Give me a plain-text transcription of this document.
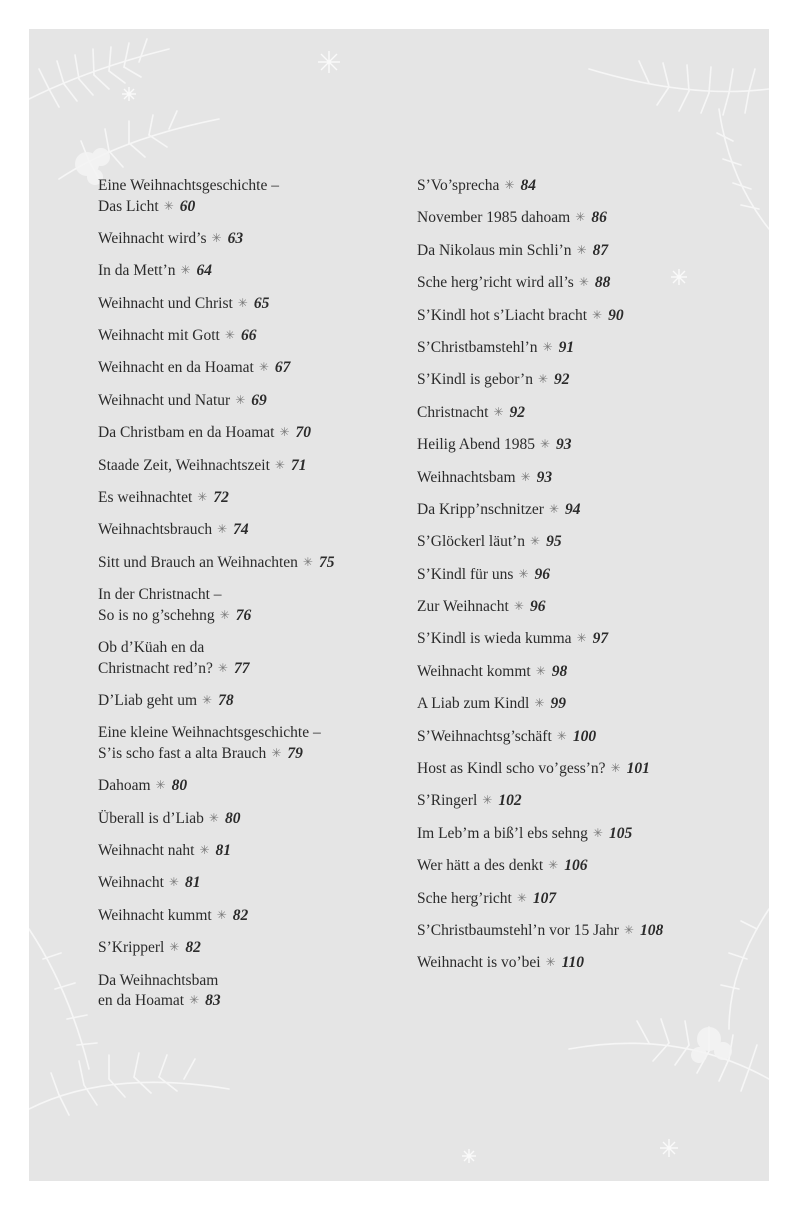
Eine Weihnachtsgeschichte –
Das Licht ✳ 60
Weihnacht wird’s ✳ 63
In da Mett’n ✳ 64
Weihnacht und Christ ✳ 65
Weihnacht mit Gott ✳ 66
Weihnacht en da Hoamat ✳ 67
Weihnacht und Natur ✳ 69
Da Christbam en da Hoamat ✳ 70
Staade Zeit, Weihnachtszeit ✳ 71
Es weihnachtet ✳ 72
Weihnachtsbrauch ✳ 74
Sitt und Brauch an Weihnachten ✳ 75
In der Christnacht –
So is no g’schehng ✳ 76
Ob d’Küah en da
Christnacht red’n? ✳ 77
D’Liab geht um ✳ 78
Eine kleine Weihnachtsgeschichte –
S’is scho fast a alta Brauch ✳ 79
Dahoam ✳ 80
Überall is d’Liab ✳ 80
Weihnacht naht ✳ 81
Weihnacht ✳ 81
Weihnacht kummt ✳ 82
S’Kripperl ✳ 82
Da Weihnachtsbam
en da Hoamat ✳ 83
S’Vo’sprecha ✳ 84
November 1985 dahoam ✳ 86
Da Nikolaus min Schli’n ✳ 87
Sche herg’richt wird all’s ✳ 88
S’Kindl hot s’Liacht bracht ✳ 90
S’Christbamstehl’n ✳ 91
S’Kindl is gebor’n ✳ 92
Christnacht ✳ 92
Heilig Abend 1985 ✳ 93
Weihnachtsbam ✳ 93
Da Kripp’nschnitzer ✳ 94
S’Glöckerl läut’n ✳ 95
S’Kindl für uns ✳ 96
Zur Weihnacht ✳ 96
S’Kindl is wieda kumma ✳ 97
Weihnacht kommt ✳ 98
A Liab zum Kindl ✳ 99
S’Weihnachtsg’schäft ✳ 100
Host as Kindl scho vo’gess’n? ✳ 101
S’Ringerl ✳ 102
Im Leb’m a biß’l ebs sehng ✳ 105
Wer hätt a des denkt ✳ 106
Sche herg’richt ✳ 107
S’Christbaumstehl’n vor 15 Jahr ✳ 108
Weihnacht is vo’bei ✳ 110
